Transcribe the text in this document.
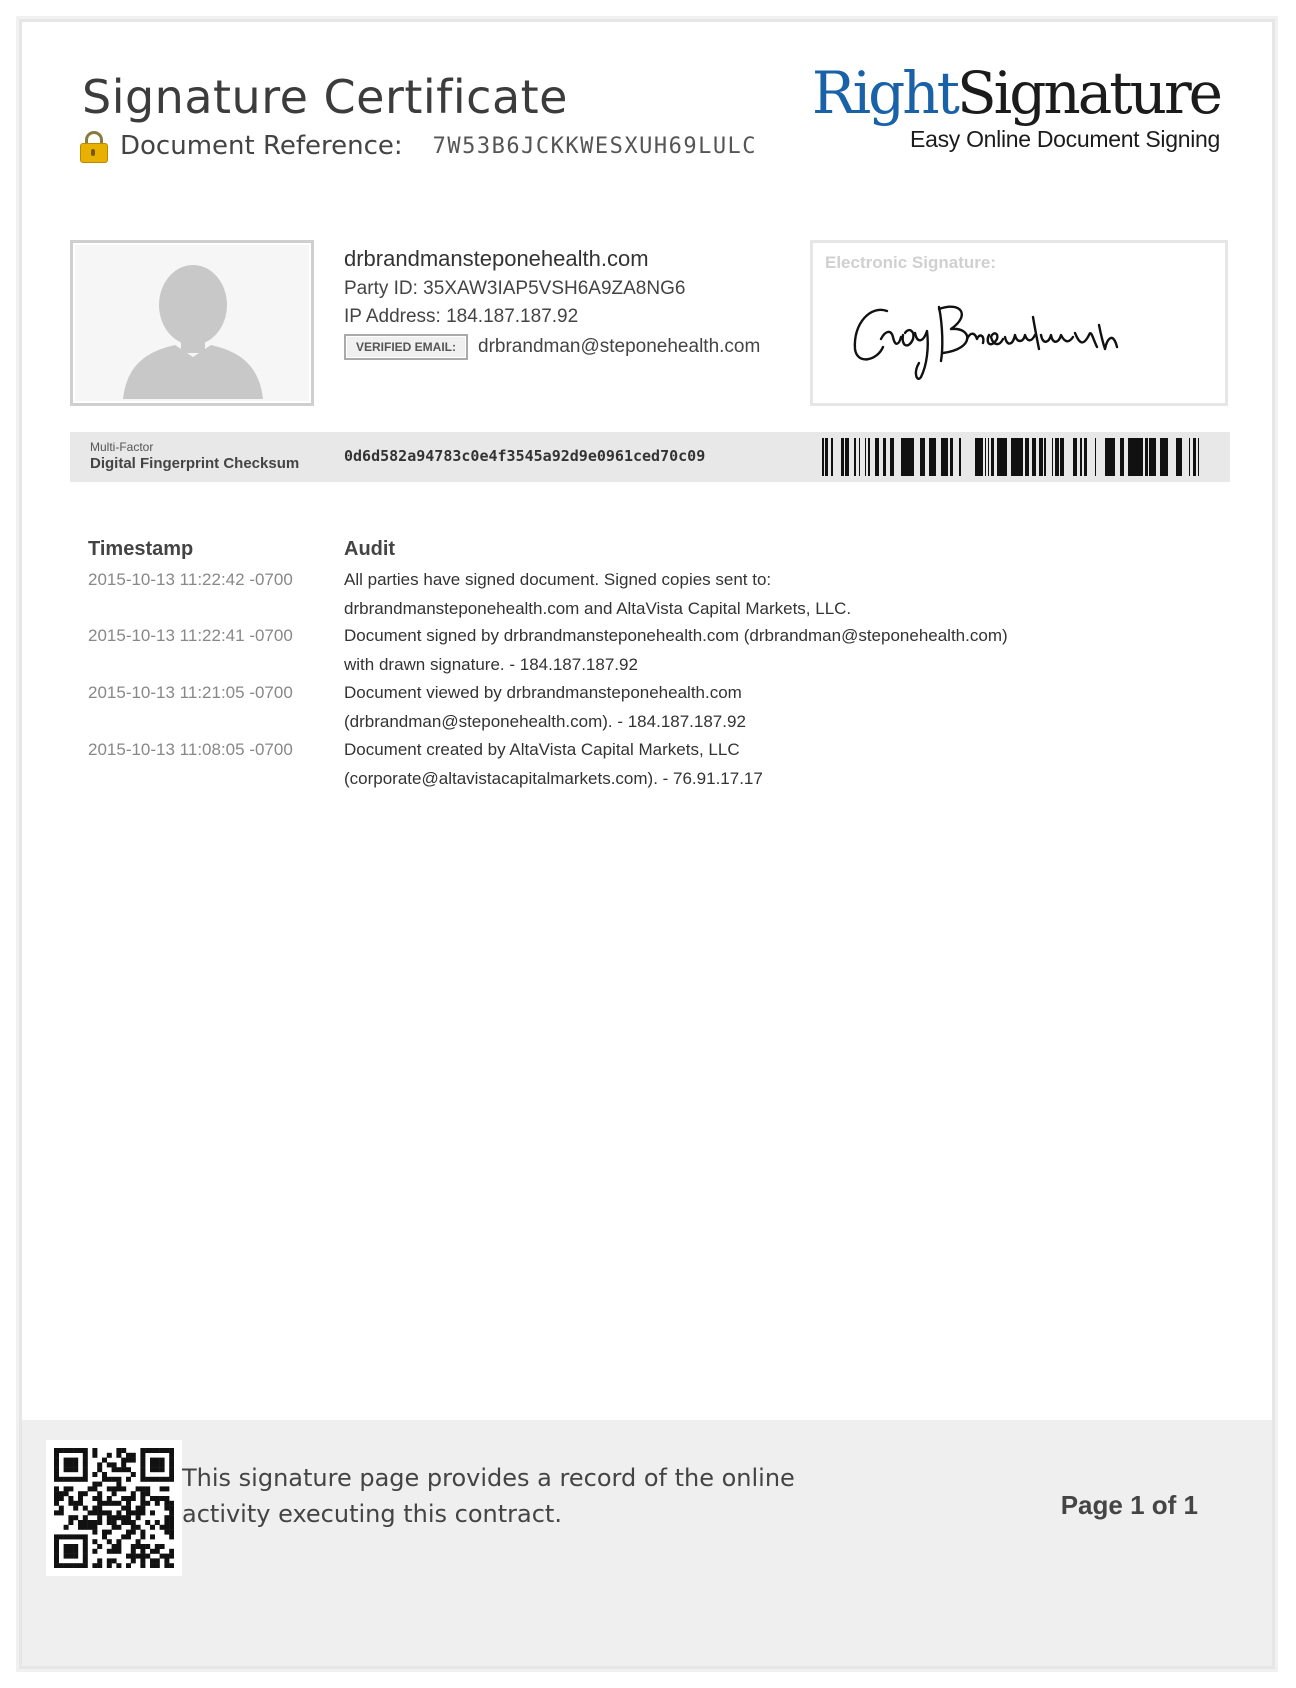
Signature Certificate
Document Reference: 7W53B6JCKKWESXUH69LULC
RightSignature
Easy Online Document Signing
drbrandmansteponehealth.com
Party ID: 35XAW3IAP5VSH6A9ZA8NG6
IP Address: 184.187.187.92
VERIFIED EMAIL:	drbrandman@steponehealth.com
Electronic Signature:
Multi-Factor
Digital Fingerprint Checksum	0d6d582a94783c0e4f3545a92d9e0961ced70c09
Timestamp	Audit
2015-10-13 11:22:42 -0700	All parties have signed document. Signed copies sent to:
drbrandmansteponehealth.com and AltaVista Capital Markets, LLC.
2015-10-13 11:22:41 -0700	Document signed by drbrandmansteponehealth.com (drbrandman@steponehealth.com)
with drawn signature. - 184.187.187.92
2015-10-13 11:21:05 -0700	Document viewed by drbrandmansteponehealth.com
(drbrandman@steponehealth.com). - 184.187.187.92
2015-10-13 11:08:05 -0700	Document created by AltaVista Capital Markets, LLC
(corporate@altavistacapitalmarkets.com). - 76.91.17.17
This signature page provides a record of the online activity executing this contract.	Page 1 of 1
